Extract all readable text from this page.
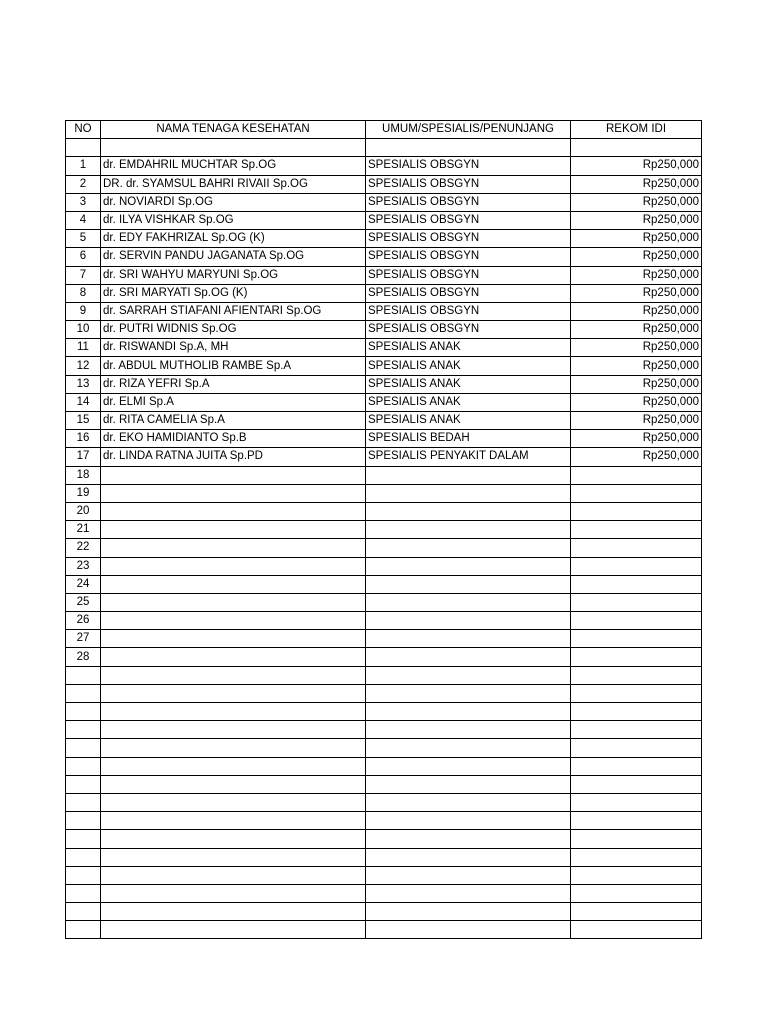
NO	NAMA TENAGA KESEHATAN	UMUM/SPESIALIS/PENUNJANG	REKOM IDI

1	dr. EMDAHRIL MUCHTAR Sp.OG	SPESIALIS OBSGYN	Rp250,000
2	DR. dr. SYAMSUL BAHRI RIVAII Sp.OG	SPESIALIS OBSGYN	Rp250,000
3	dr. NOVIARDI Sp.OG	SPESIALIS OBSGYN	Rp250,000
4	dr. ILYA VISHKAR Sp.OG	SPESIALIS OBSGYN	Rp250,000
5	dr. EDY FAKHRIZAL Sp.OG (K)	SPESIALIS OBSGYN	Rp250,000
6	dr. SERVIN PANDU JAGANATA Sp.OG	SPESIALIS OBSGYN	Rp250,000
7	dr. SRI WAHYU MARYUNI Sp.OG	SPESIALIS OBSGYN	Rp250,000
8	dr. SRI MARYATI Sp.OG (K)	SPESIALIS OBSGYN	Rp250,000
9	dr. SARRAH STIAFANI AFIENTARI Sp.OG	SPESIALIS OBSGYN	Rp250,000
10	dr. PUTRI WIDNIS Sp.OG	SPESIALIS OBSGYN	Rp250,000
11	dr. RISWANDI Sp.A, MH	SPESIALIS ANAK	Rp250,000
12	dr. ABDUL MUTHOLIB RAMBE Sp.A	SPESIALIS ANAK	Rp250,000
13	dr. RIZA YEFRI Sp.A	SPESIALIS ANAK	Rp250,000
14	dr. ELMI Sp.A	SPESIALIS ANAK	Rp250,000
15	dr. RITA CAMELIA Sp.A	SPESIALIS ANAK	Rp250,000
16	dr. EKO HAMIDIANTO Sp.B	SPESIALIS BEDAH	Rp250,000
17	dr. LINDA RATNA JUITA Sp.PD	SPESIALIS PENYAKIT DALAM	Rp250,000
18			
19			
20			
21			
22			
23			
24			
25			
26			
27			
28			
